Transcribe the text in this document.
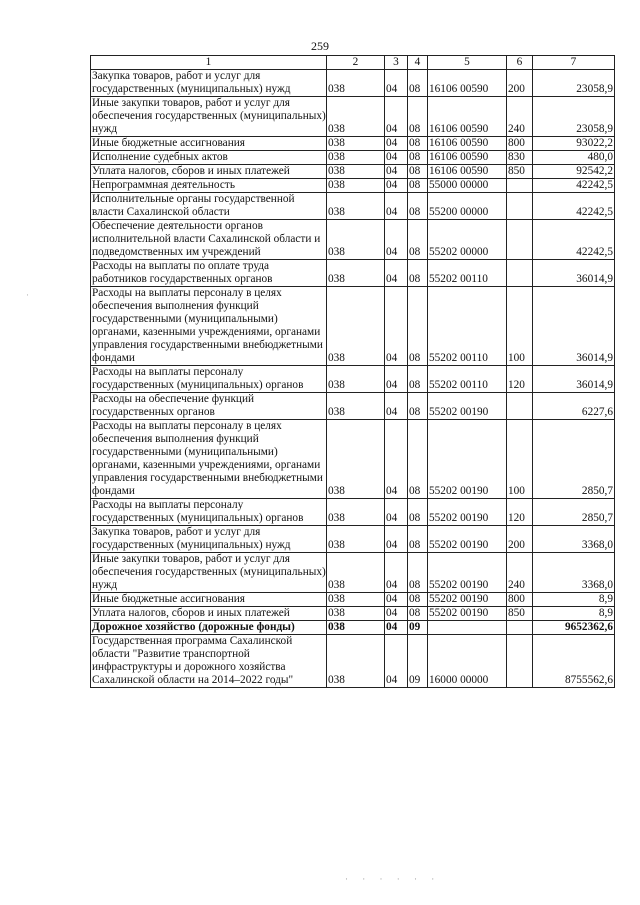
259
1	2	3	4	5	6	7
Закупка товаров, работ и услуг для государственных (муниципальных) нужд	038	04	08	16106 00590	200	23058,9
Иные закупки товаров, работ и услуг для обеспечения государственных (муниципальных) нужд	038	04	08	16106 00590	240	23058,9
Иные бюджетные ассигнования	038	04	08	16106 00590	800	93022,2
Исполнение судебных актов	038	04	08	16106 00590	830	480,0
Уплата налогов, сборов и иных платежей	038	04	08	16106 00590	850	92542,2
Непрограммная деятельность	038	04	08	55000 00000		42242,5
Исполнительные органы государственной власти Сахалинской области	038	04	08	55200 00000		42242,5
Обеспечение деятельности органов исполнительной власти Сахалинской области и подведомственных им учреждений	038	04	08	55202 00000		42242,5
Расходы на выплаты по оплате труда работников государственных органов	038	04	08	55202 00110		36014,9
Расходы на выплаты персоналу в целях обеспечения выполнения функций государственными (муниципальными) органами, казенными учреждениями, органами управления государственными внебюджетными фондами	038	04	08	55202 00110	100	36014,9
Расходы на выплаты персоналу государственных (муниципальных) органов	038	04	08	55202 00110	120	36014,9
Расходы на обеспечение функций государственных органов	038	04	08	55202 00190		6227,6
Расходы на выплаты персоналу в целях обеспечения выполнения функций государственными (муниципальными) органами, казенными учреждениями, органами управления государственными внебюджетными фондами	038	04	08	55202 00190	100	2850,7
Расходы на выплаты персоналу государственных (муниципальных) органов	038	04	08	55202 00190	120	2850,7
Закупка товаров, работ и услуг для государственных (муниципальных) нужд	038	04	08	55202 00190	200	3368,0
Иные закупки товаров, работ и услуг для обеспечения государственных (муниципальных) нужд	038	04	08	55202 00190	240	3368,0
Иные бюджетные ассигнования	038	04	08	55202 00190	800	8,9
Уплата налогов, сборов и иных платежей	038	04	08	55202 00190	850	8,9
Дорожное хозяйство (дорожные фонды)	038	04	09			9652362,6
Государственная программа Сахалинской области "Развитие транспортной инфраструктуры и дорожного хозяйства Сахалинской области на 2014–2022 годы"	038	04	09	16000 00000		8755562,6
·
· · · · · ·
